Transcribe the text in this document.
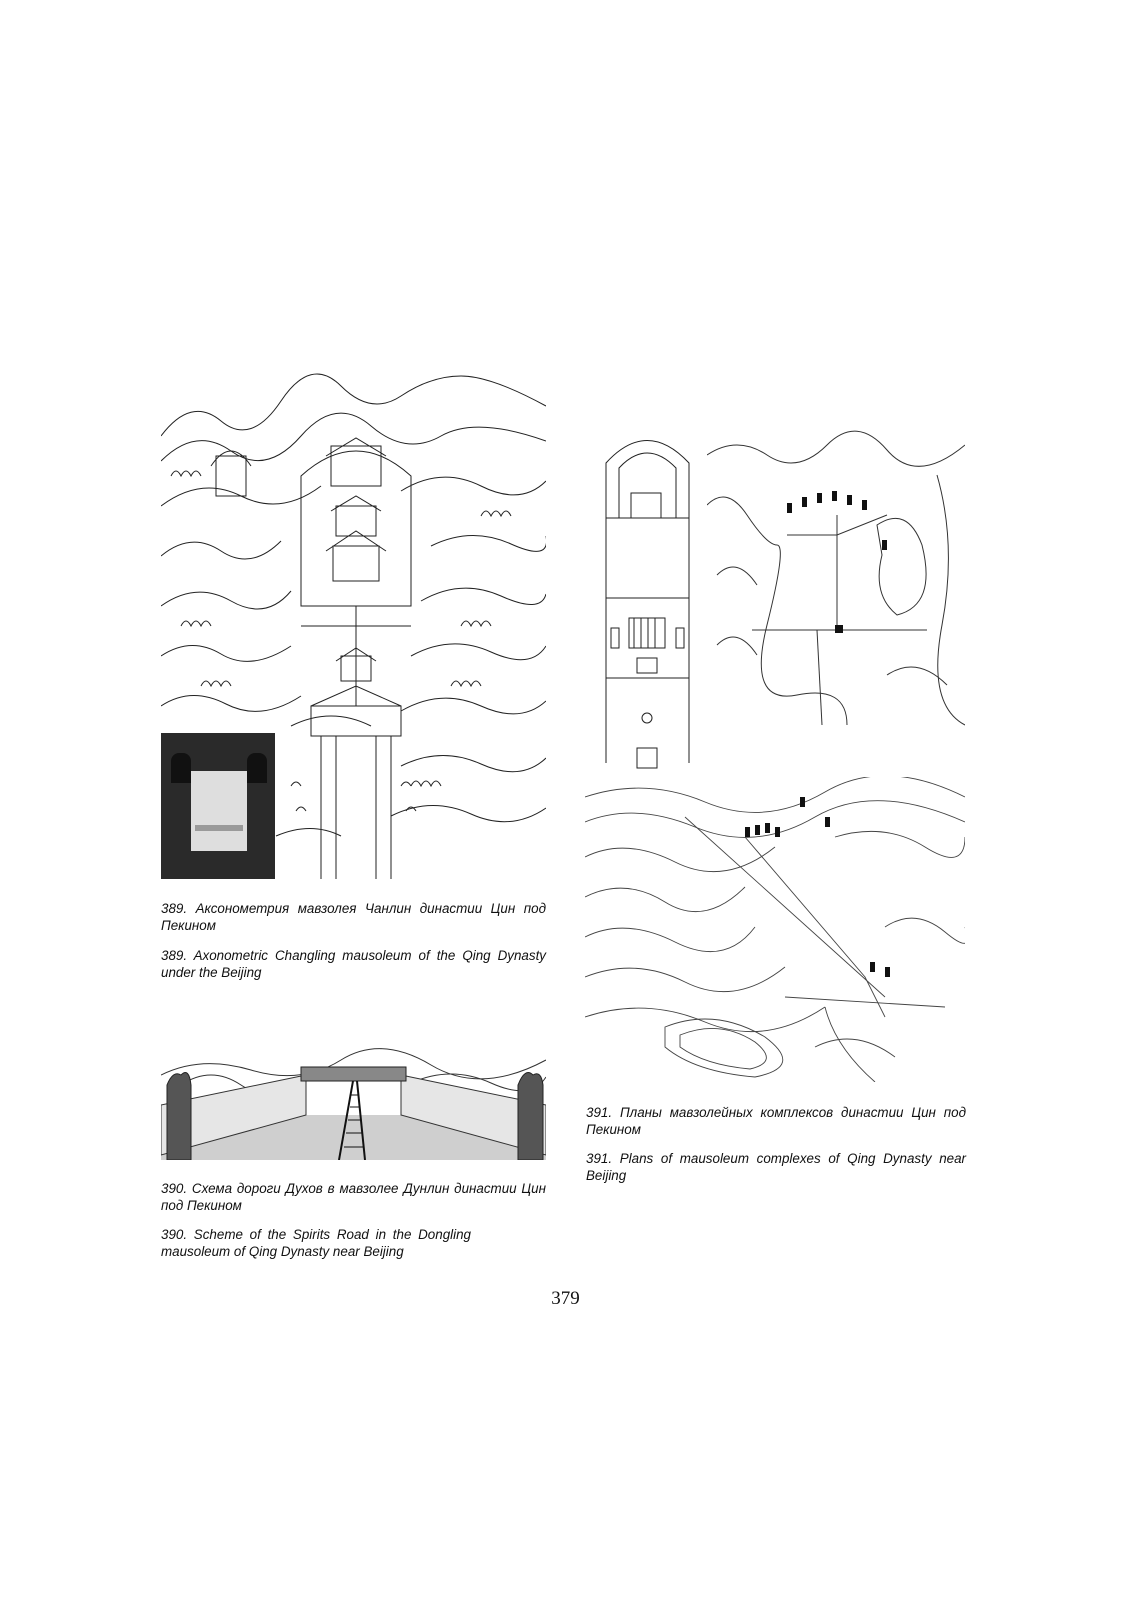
389. Аксонометрия мавзолея Чанлин династии Цин под Пекином

389. Axonometric Changling mausoleum of the Qing Dynasty under the Beijing

390. Схема дороги Духов в мавзолее Дунлин династии Цин под Пекином

390. Scheme of the Spirits Road in the Dongling mausoleum of Qing Dynasty near Beijing

391. Планы мавзолейных комплексов династии Цин под Пекином

391. Plans of mausoleum complexes of Qing Dynasty near Beijing

379
